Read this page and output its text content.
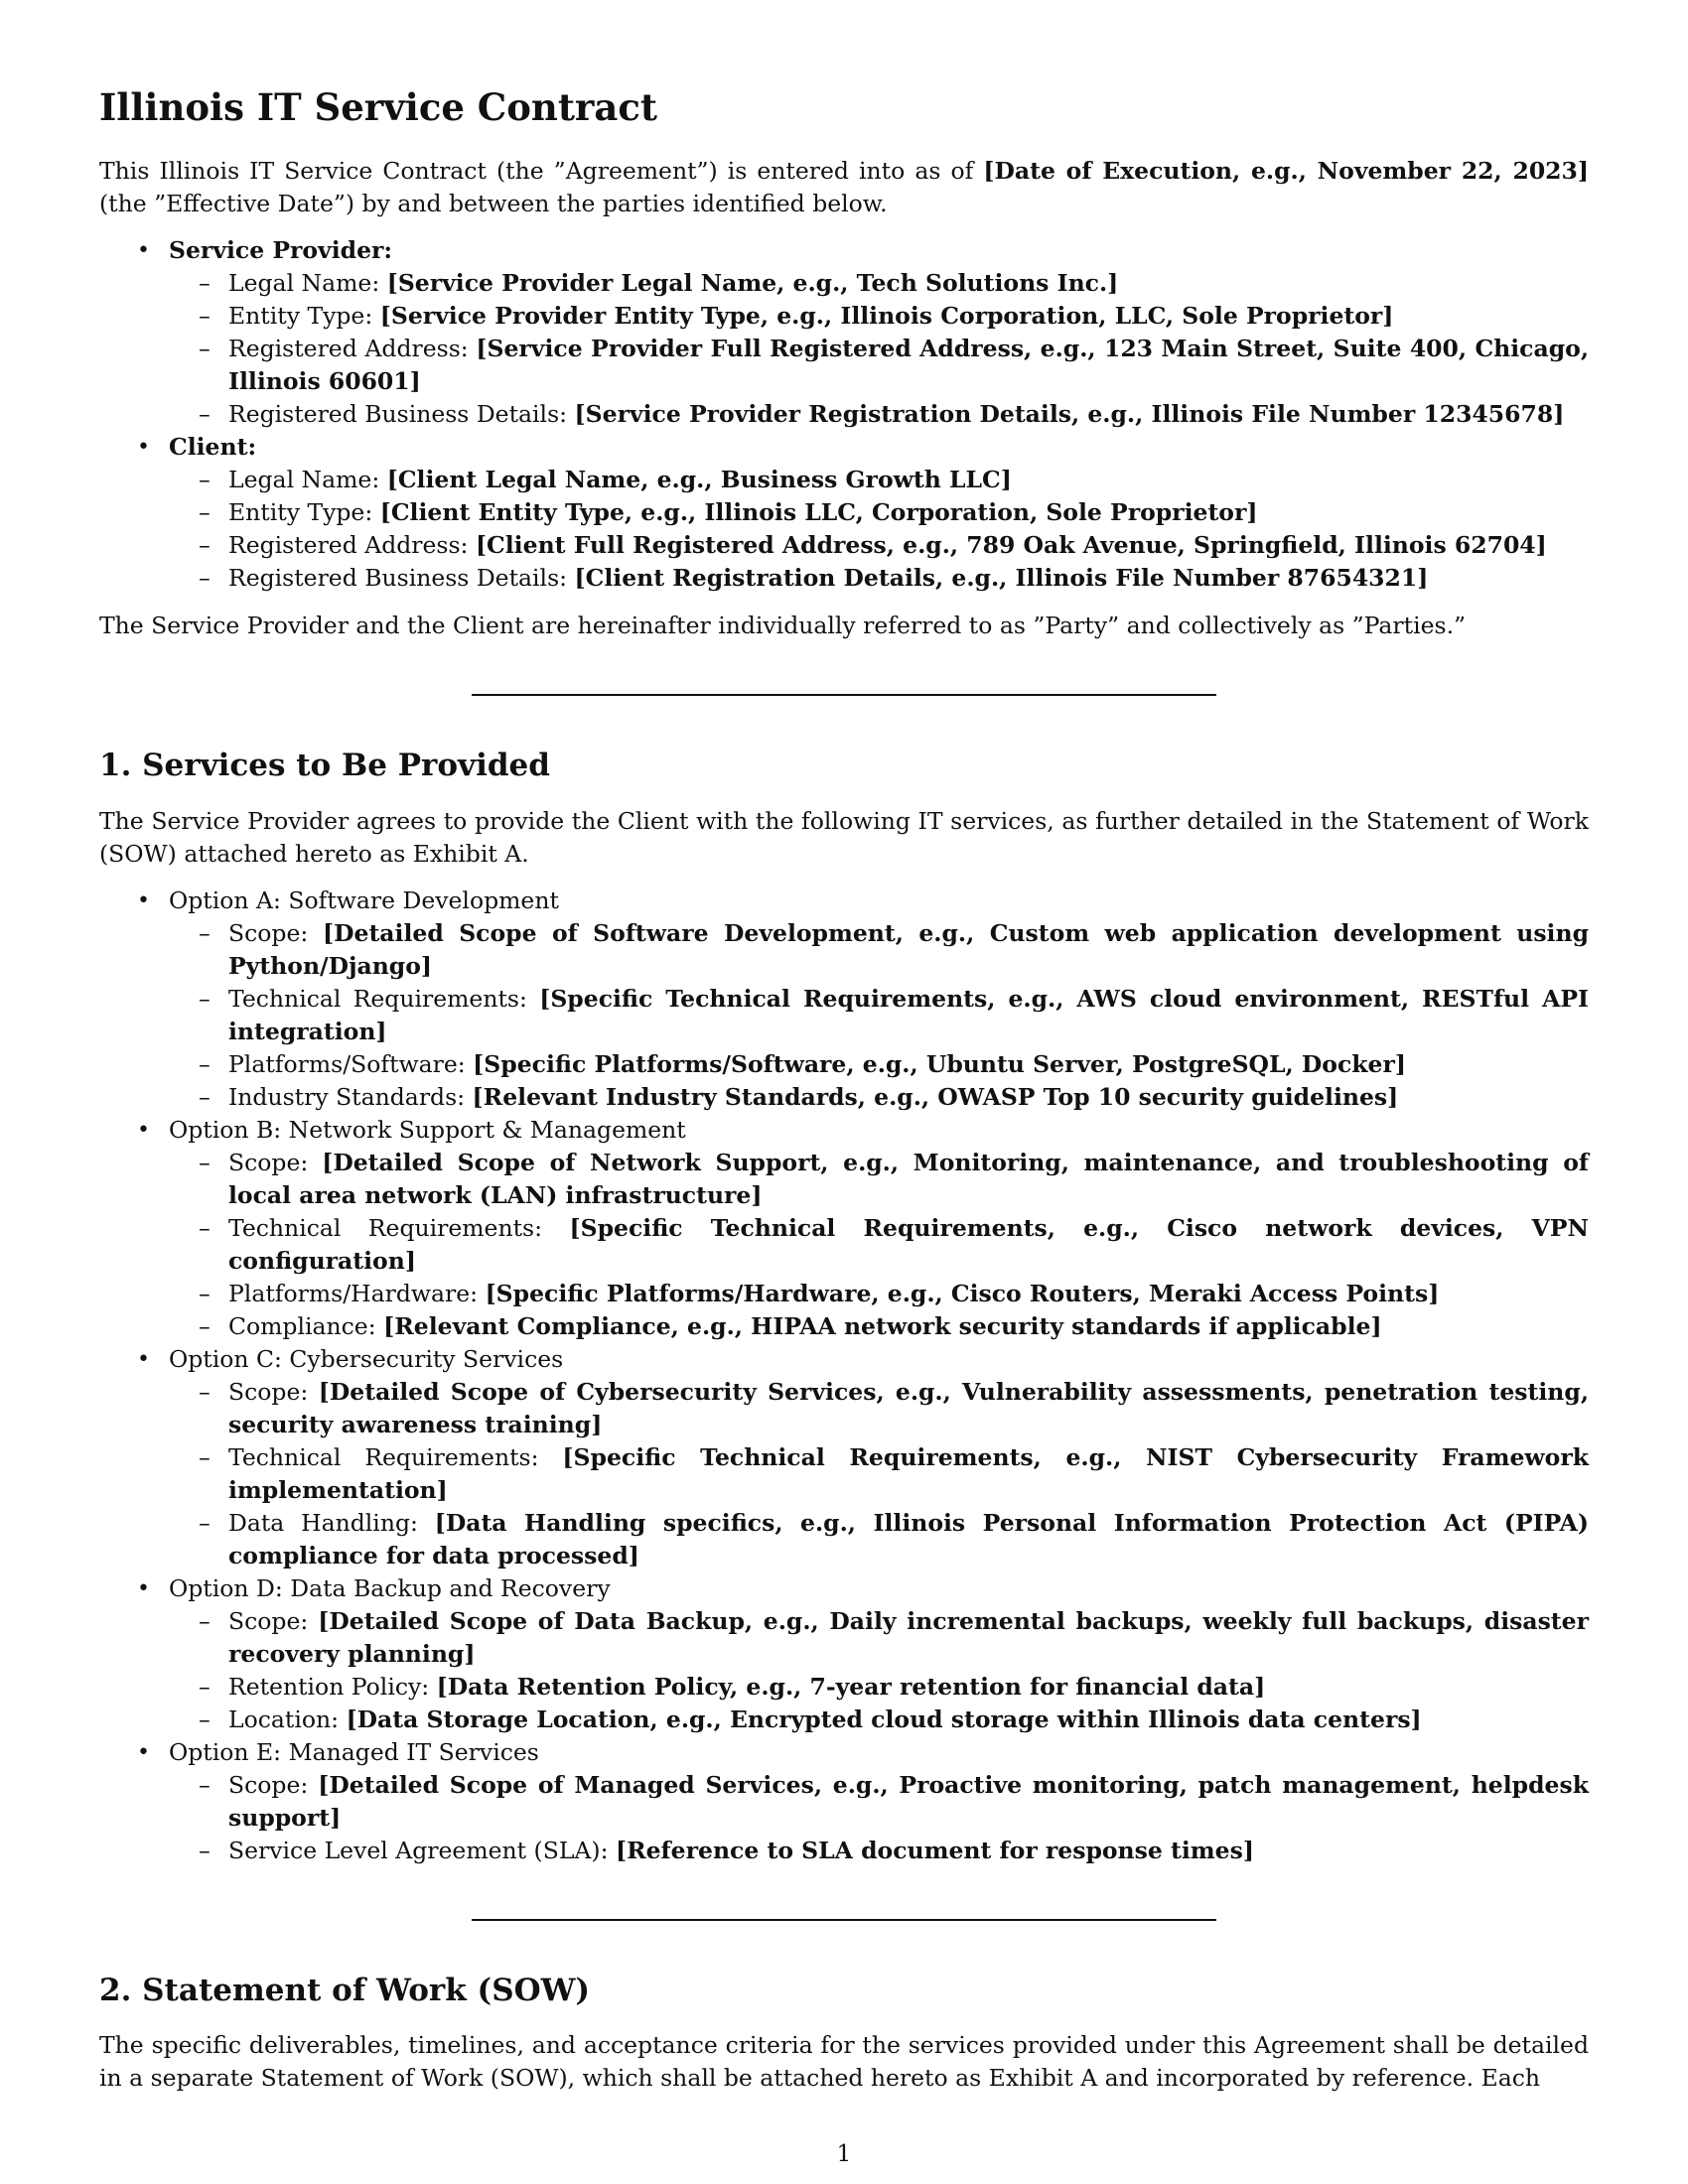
Illinois IT Service Contract

This Illinois IT Service Contract (the ”Agreement”) is entered into as of [Date of Execution, e.g., November 22, 2023] (the ”Effective Date”) by and between the parties identified below.

• Service Provider:
– Legal Name: [Service Provider Legal Name, e.g., Tech Solutions Inc.]
– Entity Type: [Service Provider Entity Type, e.g., Illinois Corporation, LLC, Sole Proprietor]
– Registered Address: [Service Provider Full Registered Address, e.g., 123 Main Street, Suite 400, Chicago, Illinois 60601]
– Registered Business Details: [Service Provider Registration Details, e.g., Illinois File Number 12345678]
• Client:
– Legal Name: [Client Legal Name, e.g., Business Growth LLC]
– Entity Type: [Client Entity Type, e.g., Illinois LLC, Corporation, Sole Proprietor]
– Registered Address: [Client Full Registered Address, e.g., 789 Oak Avenue, Springfield, Illinois 62704]
– Registered Business Details: [Client Registration Details, e.g., Illinois File Number 87654321]

The Service Provider and the Client are hereinafter individually referred to as ”Party” and collectively as ”Parties.”

1. Services to Be Provided

The Service Provider agrees to provide the Client with the following IT services, as further detailed in the Statement of Work (SOW) attached hereto as Exhibit A.

• Option A: Software Development
– Scope: [Detailed Scope of Software Development, e.g., Custom web application development using Python/Django]
– Technical Requirements: [Specific Technical Requirements, e.g., AWS cloud environment, RESTful API integration]
– Platforms/Software: [Specific Platforms/Software, e.g., Ubuntu Server, PostgreSQL, Docker]
– Industry Standards: [Relevant Industry Standards, e.g., OWASP Top 10 security guidelines]
• Option B: Network Support & Management
– Scope: [Detailed Scope of Network Support, e.g., Monitoring, maintenance, and troubleshooting of local area network (LAN) infrastructure]
– Technical Requirements: [Specific Technical Requirements, e.g., Cisco network devices, VPN configuration]
– Platforms/Hardware: [Specific Platforms/Hardware, e.g., Cisco Routers, Meraki Access Points]
– Compliance: [Relevant Compliance, e.g., HIPAA network security standards if applicable]
• Option C: Cybersecurity Services
– Scope: [Detailed Scope of Cybersecurity Services, e.g., Vulnerability assessments, penetration testing, security awareness training]
– Technical Requirements: [Specific Technical Requirements, e.g., NIST Cybersecurity Framework implementation]
– Data Handling: [Data Handling specifics, e.g., Illinois Personal Information Protection Act (PIPA) compliance for data processed]
• Option D: Data Backup and Recovery
– Scope: [Detailed Scope of Data Backup, e.g., Daily incremental backups, weekly full backups, disaster recovery planning]
– Retention Policy: [Data Retention Policy, e.g., 7-year retention for financial data]
– Location: [Data Storage Location, e.g., Encrypted cloud storage within Illinois data centers]
• Option E: Managed IT Services
– Scope: [Detailed Scope of Managed Services, e.g., Proactive monitoring, patch management, helpdesk support]
– Service Level Agreement (SLA): [Reference to SLA document for response times]
2. Statement of Work (SOW)

The specific deliverables, timelines, and acceptance criteria for the services provided under this Agreement shall be detailed in a separate Statement of Work (SOW), which shall be attached hereto as Exhibit A and incorporated by reference. Each

1
